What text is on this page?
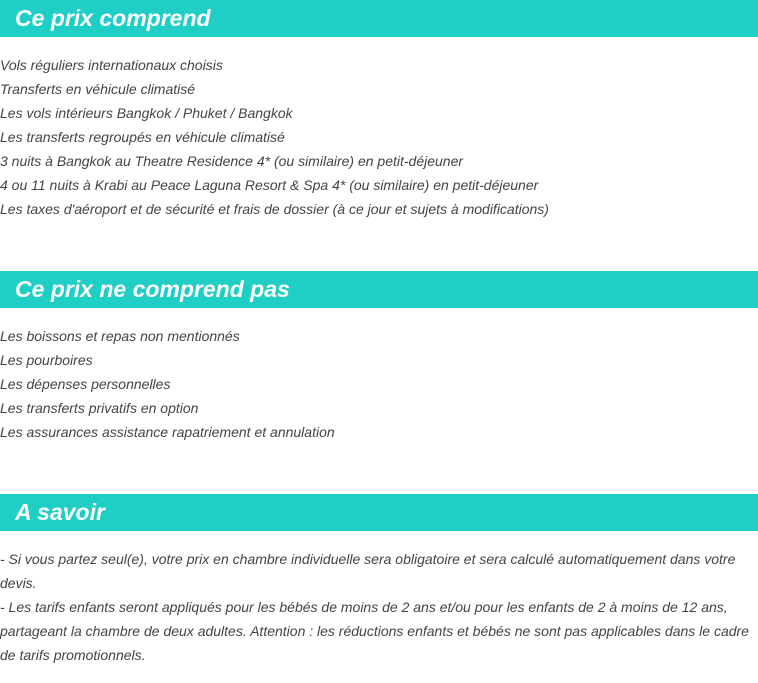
Ce prix comprend
Vols réguliers internationaux choisis
Transferts en véhicule climatisé
Les vols intérieurs Bangkok / Phuket / Bangkok
Les transferts regroupés en véhicule climatisé
3 nuits à Bangkok au Theatre Residence 4* (ou similaire) en petit-déjeuner
4 ou 11 nuits à Krabi au Peace Laguna Resort & Spa 4* (ou similaire) en petit-déjeuner
Les taxes d'aéroport et de sécurité et frais de dossier (à ce jour et sujets à modifications)
Ce prix ne comprend pas
Les boissons et repas non mentionnés
Les pourboires
Les dépenses personnelles
Les transferts privatifs en option
Les assurances assistance rapatriement et annulation
A savoir
- Si vous partez seul(e), votre prix en chambre individuelle sera obligatoire et sera calculé automatiquement dans votre devis.
- Les tarifs enfants seront appliqués pour les bébés de moins de 2 ans et/ou pour les enfants de 2 à moins de 12 ans, partageant la chambre de deux adultes. Attention : les réductions enfants et bébés ne sont pas applicables dans le cadre de tarifs promotionnels.
